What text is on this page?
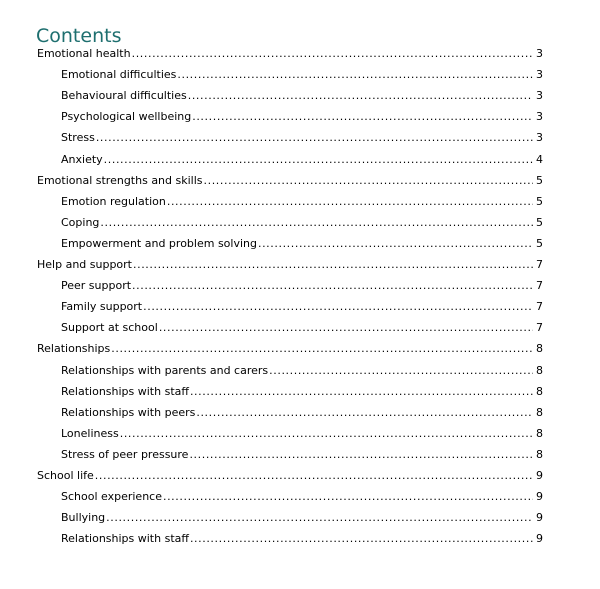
Contents
Emotional health .....	3
Emotional difficulties .....	3
Behavioural difficulties .....	3
Psychological wellbeing .....	3
Stress .....	3
Anxiety .....	4
Emotional strengths and skills .....	5
Emotion regulation .....	5
Coping .....	5
Empowerment and problem solving .....	5
Help and support .....	7
Peer support .....	7
Family support .....	7
Support at school .....	7
Relationships .....	8
Relationships with parents and carers .....	8
Relationships with staff .....	8
Relationships with peers .....	8
Loneliness .....	8
Stress of peer pressure .....	8
School life .....	9
School experience .....	9
Bullying .....	9
Relationships with staff .....	9
